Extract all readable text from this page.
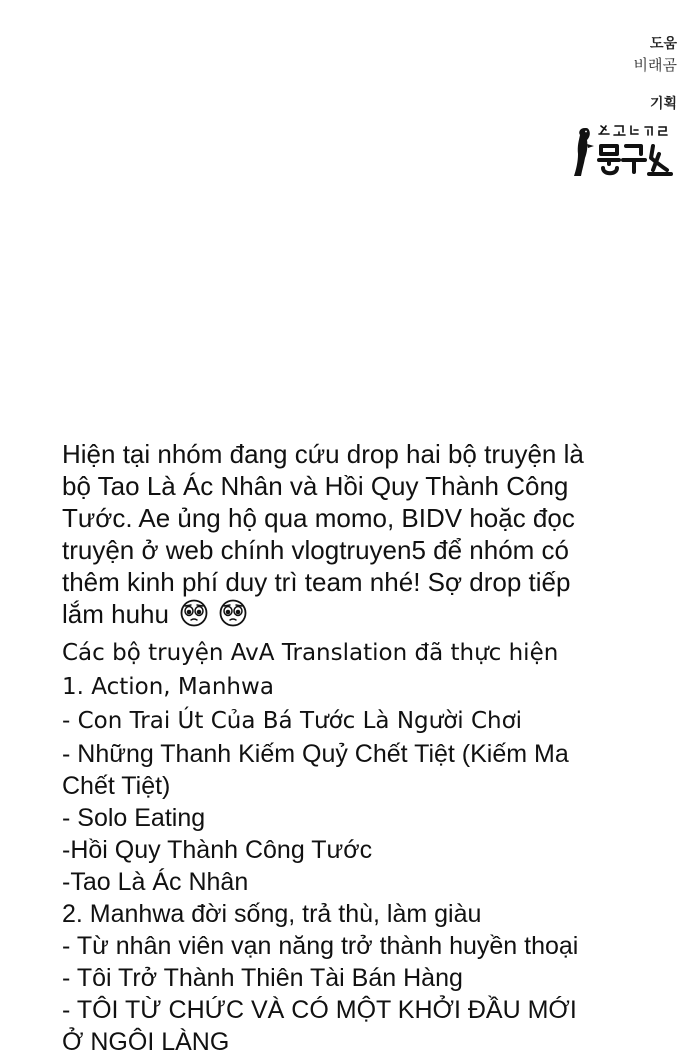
도움
비래곰
기획
Hiện tại nhóm đang cứu drop hai bộ truyện là
bộ Tao Là Ác Nhân và Hồi Quy Thành Công
Tước. Ae ủng hộ qua momo, BIDV hoặc đọc
truyện ở web chính vlogtruyen5 để nhóm có
thêm kinh phí duy trì team nhé! Sợ drop tiếp
lắm huhu
Các bộ truyện AvA Translation đã thực hiện
1. Action, Manhwa
- Con Trai Út Của Bá Tước Là Người Chơi
- Những Thanh Kiếm Quỷ Chết Tiệt (Kiếm Ma
Chết Tiệt)
- Solo Eating
-Hồi Quy Thành Công Tước
-Tao Là Ác Nhân
2. Manhwa đời sống, trả thù, làm giàu
- Từ nhân viên vạn năng trở thành huyền thoại
- Tôi Trở Thành Thiên Tài Bán Hàng
- TÔI TỪ CHỨC VÀ CÓ MỘT KHỞI ĐẦU MỚI
Ở NGÔI LÀNG
